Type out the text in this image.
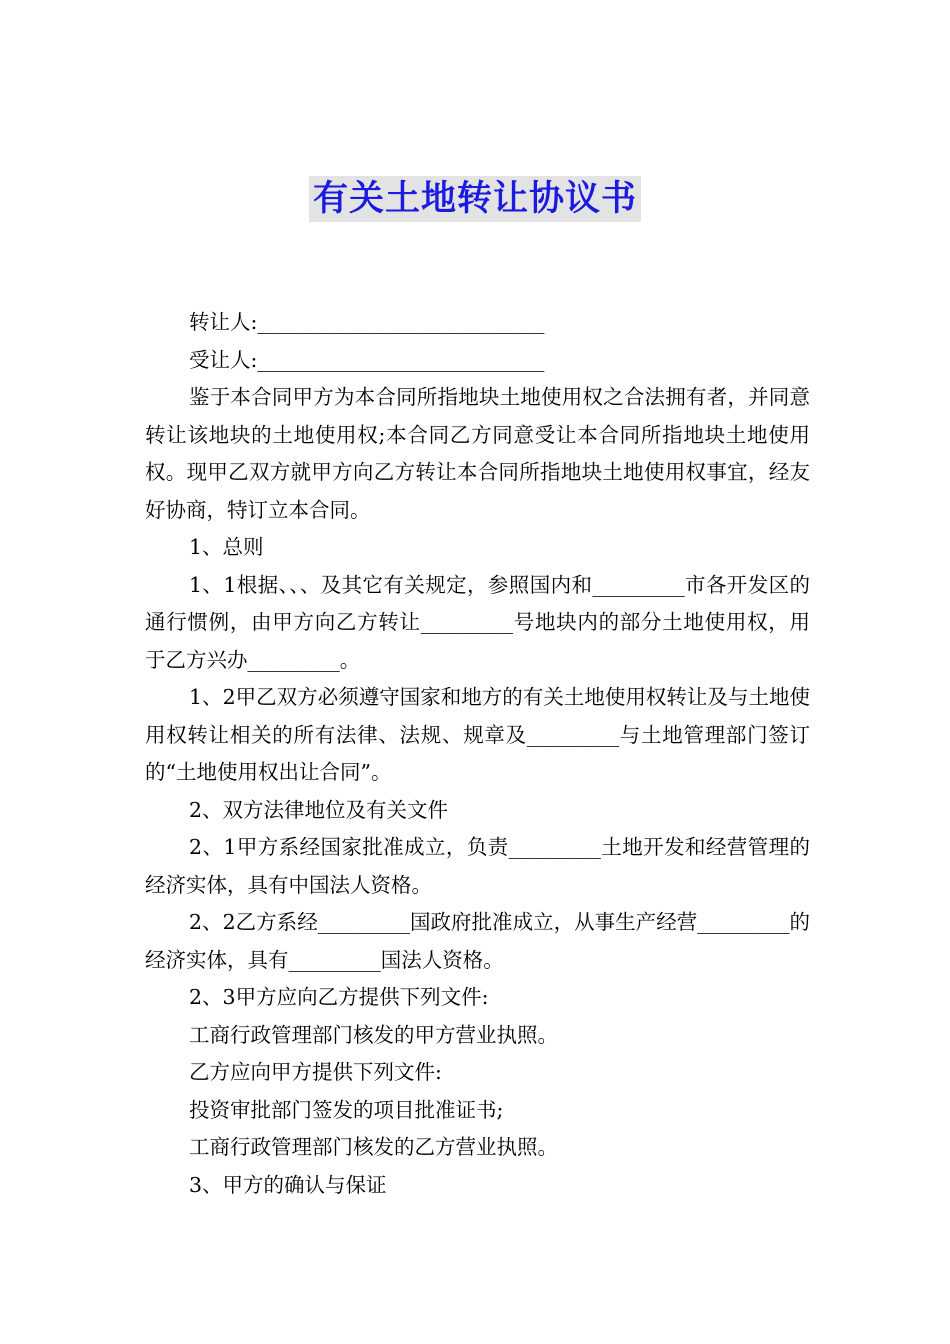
有关土地转让协议书

转让人:____________________________

受让人:____________________________

鉴于本合同甲方为本合同所指地块土地使用权之合法拥有者，并同意转让该地块的土地使用权;本合同乙方同意受让本合同所指地块土地使用权。现甲乙双方就甲方向乙方转让本合同所指地块土地使用权事宜，经友好协商，特订立本合同。

1、总则

1、1根据、、、及其它有关规定，参照国内和_________市各开发区的通行惯例，由甲方向乙方转让_________号地块内的部分土地使用权，用于乙方兴办_________。

1、2甲乙双方必须遵守国家和地方的有关土地使用权转让及与土地使用权转让相关的所有法律、法规、规章及_________与土地管理部门签订的“土地使用权出让合同”。

2、双方法律地位及有关文件

2、1甲方系经国家批准成立，负责_________土地开发和经营管理的经济实体，具有中国法人资格。

2、2乙方系经_________国政府批准成立，从事生产经营_________的经济实体，具有_________国法人资格。

2、3甲方应向乙方提供下列文件:

工商行政管理部门核发的甲方营业执照。

乙方应向甲方提供下列文件:

投资审批部门签发的项目批准证书;

工商行政管理部门核发的乙方营业执照。

3、甲方的确认与保证
